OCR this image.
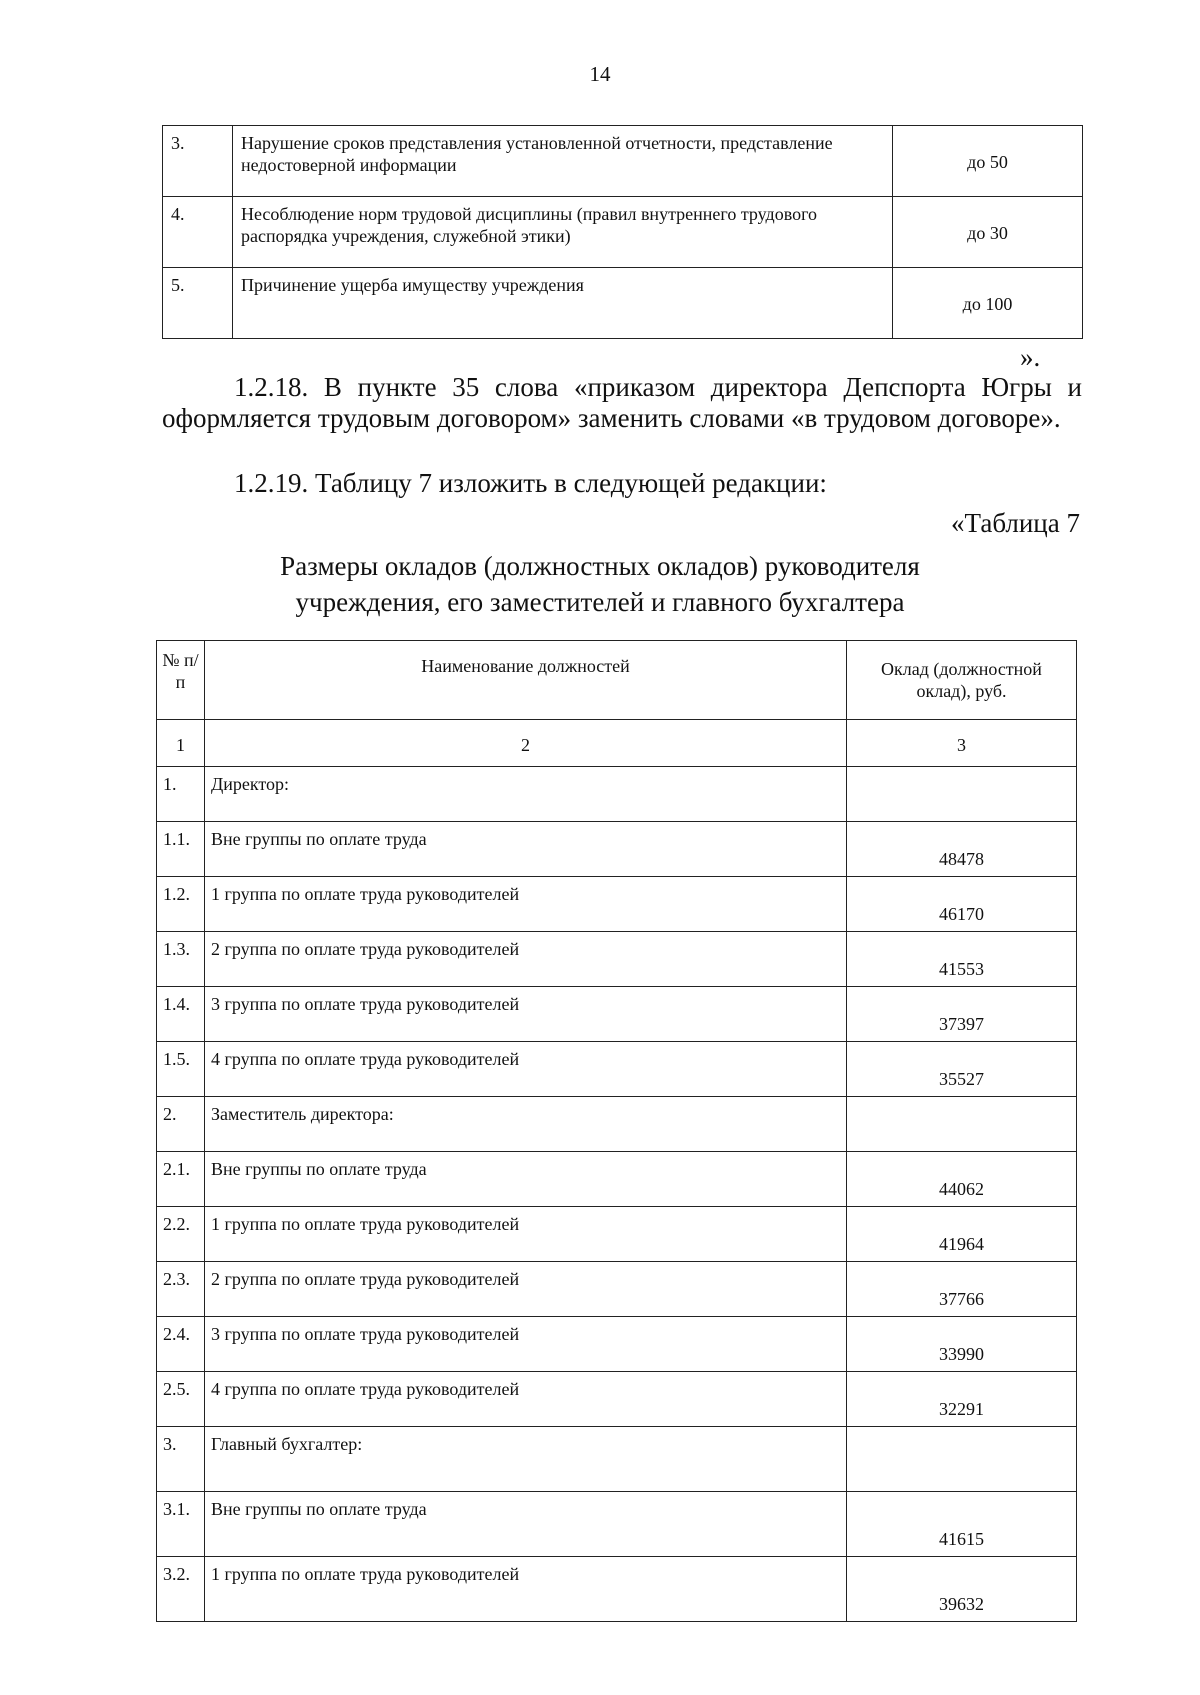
14
3.	Нарушение сроков представления установленной отчетности, представление недостоверной информации	до 50
4.	Несоблюдение норм трудовой дисциплины (правил внутреннего трудового распорядка учреждения, служебной этики)	до 30
5.	Причинение ущерба имуществу учреждения	до 100
».
1.2.18. В пункте 35 слова «приказом директора Депспорта Югры и оформляется трудовым договором» заменить словами «в трудовом договоре».
1.2.19. Таблицу 7 изложить в следующей редакции:
«Таблица 7
Размеры окладов (должностных окладов) руководителя
учреждения, его заместителей и главного бухгалтера
№ п/п	Наименование должностей	Оклад (должностной оклад), руб.
1	2	3
1.	Директор:	
1.1.	Вне группы по оплате труда	48478
1.2.	1 группа по оплате труда руководителей	46170
1.3.	2 группа по оплате труда руководителей	41553
1.4.	3 группа по оплате труда руководителей	37397
1.5.	4 группа по оплате труда руководителей	35527
2.	Заместитель директора:	
2.1.	Вне группы по оплате труда	44062
2.2.	1 группа по оплате труда руководителей	41964
2.3.	2 группа по оплате труда руководителей	37766
2.4.	3 группа по оплате труда руководителей	33990
2.5.	4 группа по оплате труда руководителей	32291
3.	Главный бухгалтер:	
3.1.	Вне группы по оплате труда	41615
3.2.	1 группа по оплате труда руководителей	39632
